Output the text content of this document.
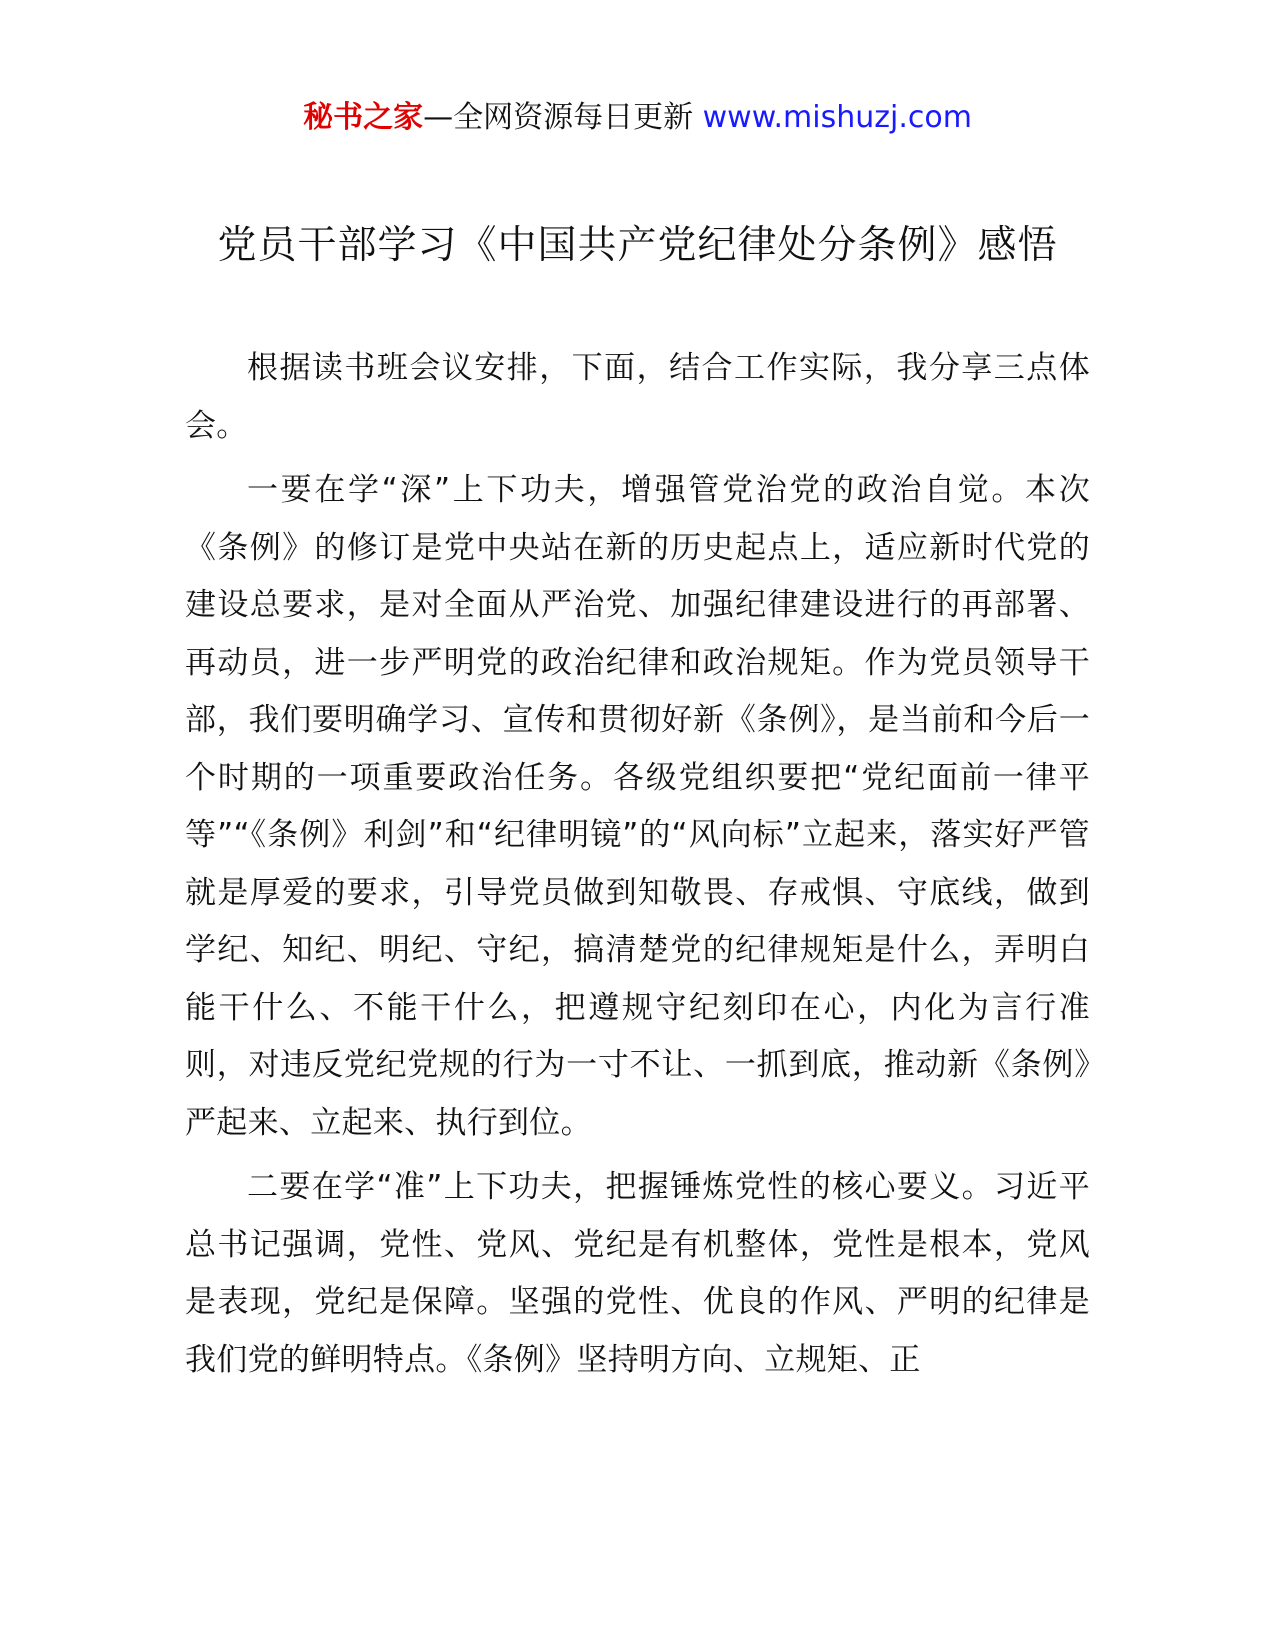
秘书之家—全网资源每日更新 www.mishuzj.com
党员干部学习《中国共产党纪律处分条例》感悟

根据读书班会议安排，下面，结合工作实际，我分享三点体会。

一要在学“深”上下功夫，增强管党治党的政治自觉。本次《条例》的修订是党中央站在新的历史起点上，适应新时代党的建设总要求，是对全面从严治党、加强纪律建设进行的再部署、再动员，进一步严明党的政治纪律和政治规矩。作为党员领导干部，我们要明确学习、宣传和贯彻好新《条例》，是当前和今后一个时期的一项重要政治任务。各级党组织要把“党纪面前一律平等”“《条例》利剑”和“纪律明镜”的“风向标”立起来，落实好严管就是厚爱的要求，引导党员做到知敬畏、存戒惧、守底线，做到学纪、知纪、明纪、守纪，搞清楚党的纪律规矩是什么，弄明白能干什么、不能干什么，把遵规守纪刻印在心，内化为言行准则，对违反党纪党规的行为一寸不让、一抓到底，推动新《条例》严起来、立起来、执行到位。

二要在学“准”上下功夫，把握锤炼党性的核心要义。习近平总书记强调，党性、党风、党纪是有机整体，党性是根本，党风是表现，党纪是保障。坚强的党性、优良的作风、严明的纪律是我们党的鲜明特点。《条例》坚持明方向、立规矩、正
